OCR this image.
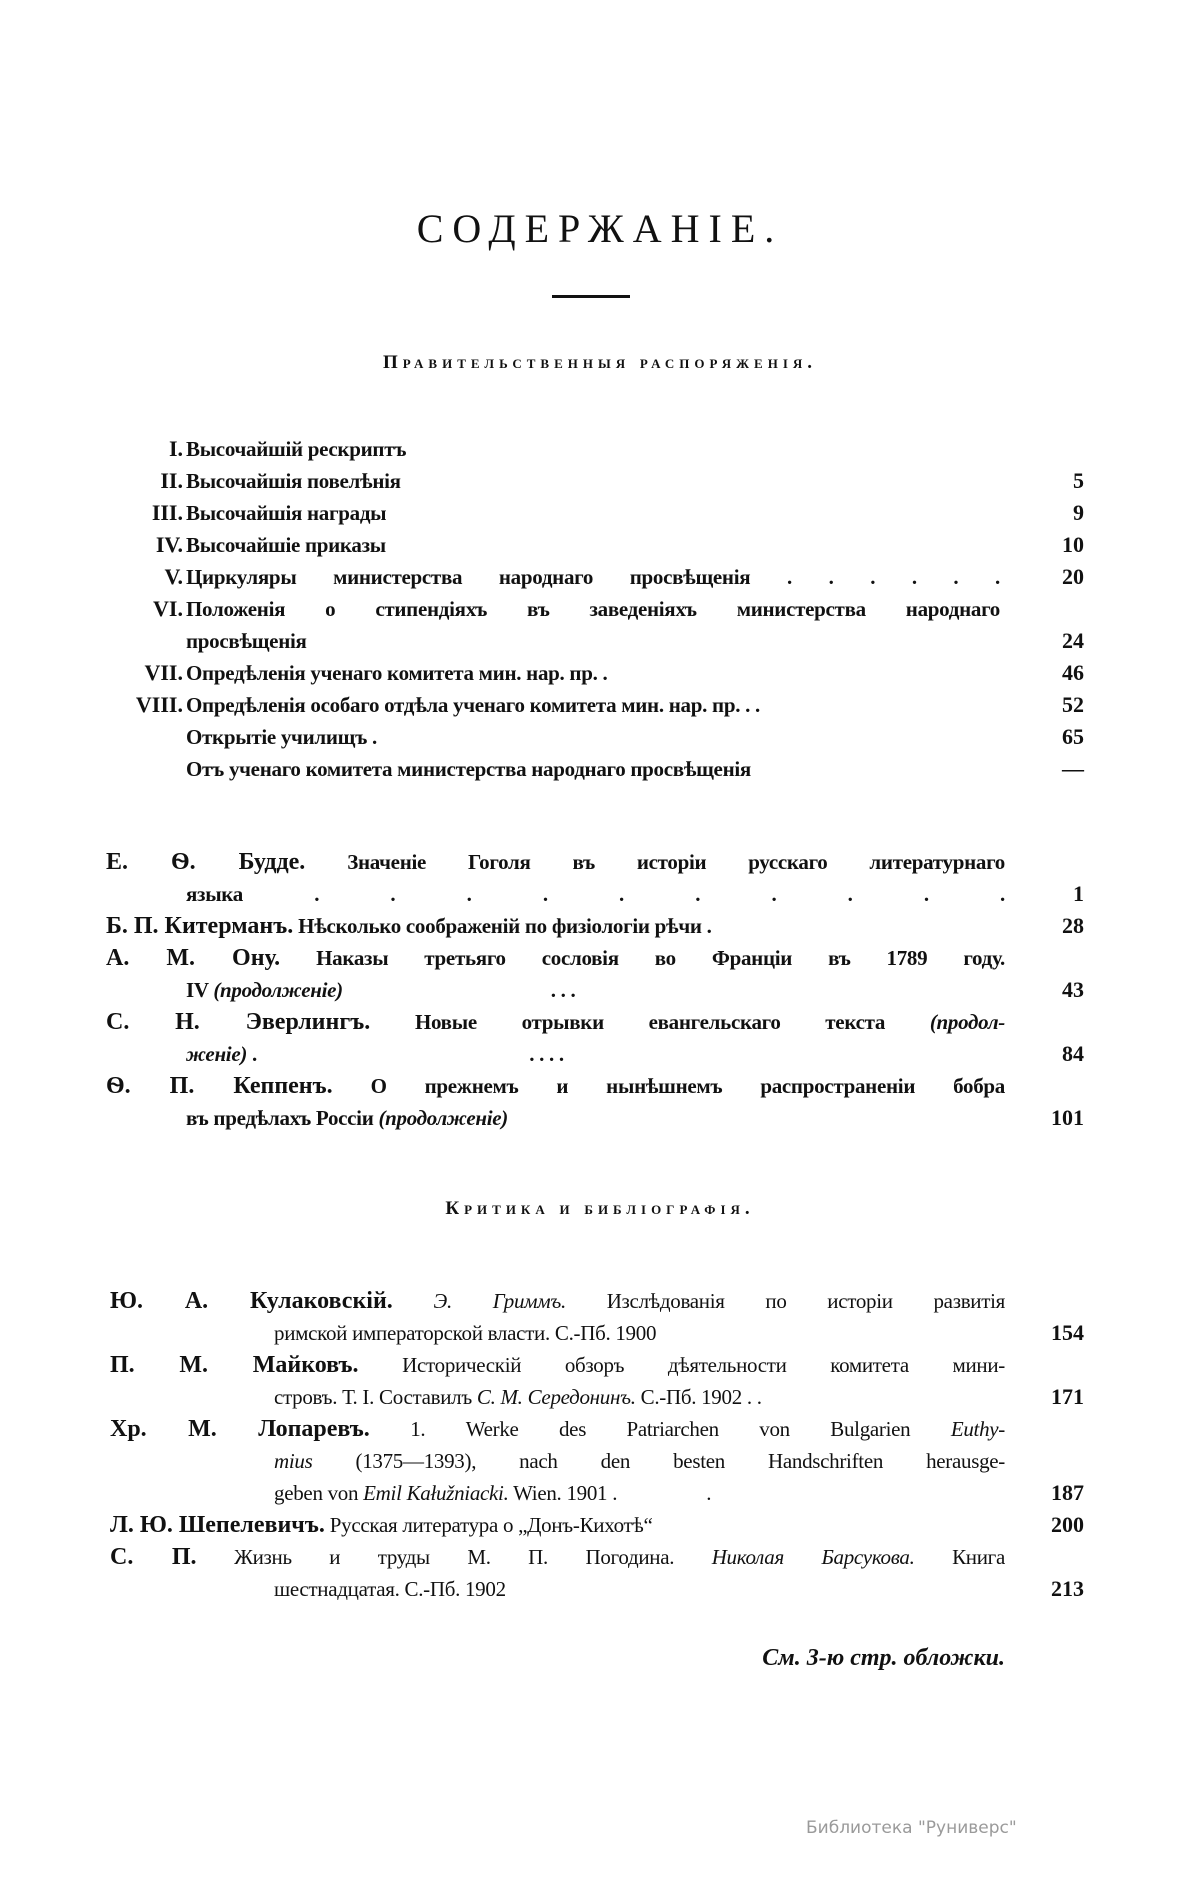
СОДЕРЖАНІЕ.
Правительственныя распоряженія.
I. Высочайшій рескриптъ
II. Высочайшія повелѣнія	5
III. Высочайшія награды	9
IV. Высочайшіе приказы	10
V. Циркуляры министерства народнаго просвѣщенія . . . . . .	20
VI. Положенія о стипендіяхъ въ заведеніяхъ министерства народнаго
просвѣщенія	24
VII. Опредѣленія ученаго комитета мин. нар. пр. .	46
VIII. Опредѣленія особаго отдѣла ученаго комитета мин. нар. пр. . .	52
Открытіе училищъ .	65
Отъ ученаго комитета министерства народнаго просвѣщенія	—
Е. Ѳ. Будде. Значеніе Гоголя въ исторіи русскаго литературнаго
языка . . . . . . . . . .	1
Б. П. Китерманъ. Нѣсколько соображеній по физіологіи рѣчи .	28
А. М. Ону. Наказы третьяго сословія во Франціи въ 1789 году.
IV (продолженіе)                                          . . .	43
С. Н. Эверлингъ. Новые отрывки евангельскаго текста (продол-
женіе) .                                                       . . . .	84
Ѳ. П. Кеппенъ. О прежнемъ и нынѣшнемъ распространеніи бобра
въ предѣлахъ Россіи (продолженіе)	101
Критика и библіографія.
Ю. А. Кулаковскій. Э. Гриммъ. Изслѣдованія по исторіи развитія
римской императорской власти. С.-Пб. 1900	154
П. М. Майковъ. Историческій обзоръ дѣятельности комитета мини-
стровъ. Т. I. Составилъ С. М. Середонинъ. С.-Пб. 1902 . .	171
Хр. М. Лопаревъ. 1. Werke des Patriarchen von Bulgarien Euthy-
mius (1375—1393), nach den besten Handschriften herausge-
geben von Emil Kałužniacki. Wien. 1901 .                  .	187
Л. Ю. Шепелевичъ. Русская литература о „Донъ-Кихотѣ“	200
С. П. Жизнь и труды М. П. Погодина. Николая Барсукова. Книга
шестнадцатая. С.-Пб. 1902	213
См. 3-ю стр. обложки.
Библиотека "Руниверс"
